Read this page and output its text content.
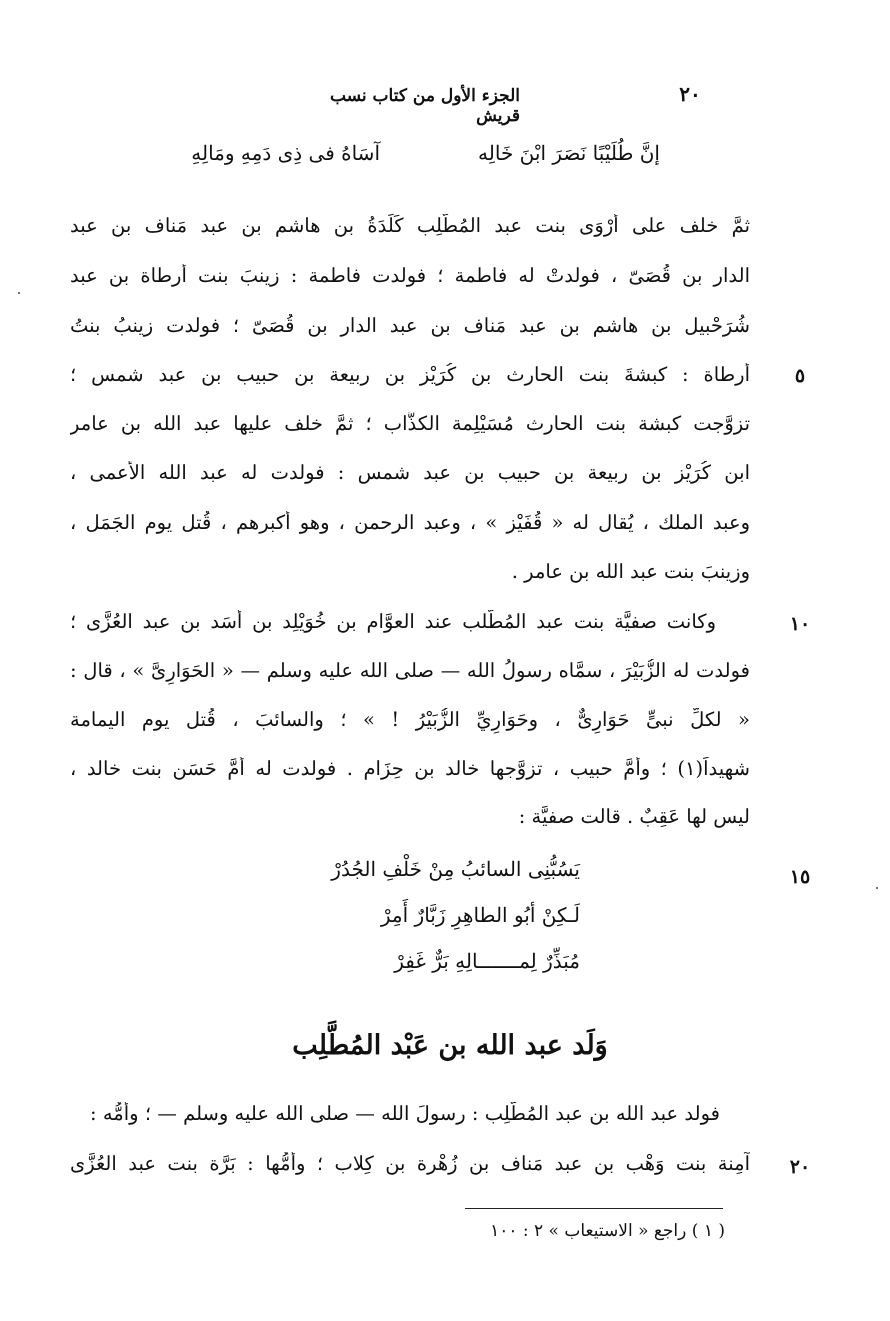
٢٠
الجزء الأول من كتاب نسب قريش
إنَّ طُلَيْبًا نَصَرَ ابْنَ خَالِه
آسَاهُ فى ذِى دَمِهِ ومَالِهِ
ثمَّ خلف على أَرْوَى بنت عبد المُطَّلِب كَلَدَةُ بن هاشم بن عبد مَناف بن عبد
الدار بن قُصَىّ ، فولدتْ له فاطمة ؛ فولدت فاطمة : زينبَ بنت أرطاة بن عبد
شُرَحْبيل بن هاشم بن عبد مَناف بن عبد الدار بن قُصَىّ ؛ فولدت زينبُ بنتُ
أرطاة : كبشةَ بنت الحارث بن كُرَيْز بن ربيعة بن حبيب بن عبد شمس ؛	٥
تزوَّجت كبشة بنت الحارث مُسَيْلِمة الكذَّاب ؛ ثمَّ خلف عليها عبد الله بن عامر
ابن كُرَيْز بن ربيعة بن حبيب بن عبد شمس : فولدت له عبد الله الأعمى ،
وعبد الملك ، يُقال له « قُفَيْز » ، وعبد الرحمن ، وهو أكبرهم ، قُتل يوم الجَمَل ،
وزينبَ بنت عبد الله بن عامر .
وكانت صفيَّة بنت عبد المُطَّلب عند العوَّام بن خُوَيْلِد بن أَسَد بن عبد العُزَّى ؛	١٠
فولدت له الزُّبَيْرَ ، سمَّاه رسولُ الله — صلى الله عليه وسلم — « الحَوَارِىَّ » ، قال :
« لكلِّ نبىٍّ حَوَارِىٌّ ، وحَوَارِيِّ الزُّبَيْرُ ! » ؛ والسائبَ ، قُتل يوم اليمامة
شهيداً(١) ؛ وأُمَّ حبيب ، تزوَّجها خالد بن حِزَام . فولدت له أُمَّ حَسَن بنت خالد ،
ليس لها عَقِبٌ . قالت صفيَّة :
يَسُبُّنِى السائبُ مِنْ خَلْفِ الجُدُرْ	١٥
لَـكِنْ أبُو الطاهِرِ زَبَّارٌ أَمِرْ
مُبَذِّرٌ لِمـــــــالِهِ بَرٌّ غَفِرْ
وَلَد عبد الله بن عَبْد المُطَّلِب
فولد عبد الله بن عبد المُطَّلِب : رسولَ الله — صلى الله عليه وسلم — ؛ وأُمُّه :
آمِنة بنت وَهْب بن عبد مَناف بن زُهْرة بن كِلاب ؛ وأُمُّها : بَرَّة بنت عبد العُزَّى	٢٠
( ١ ) راجع « الاستيعاب » ٢ : ١٠٠
